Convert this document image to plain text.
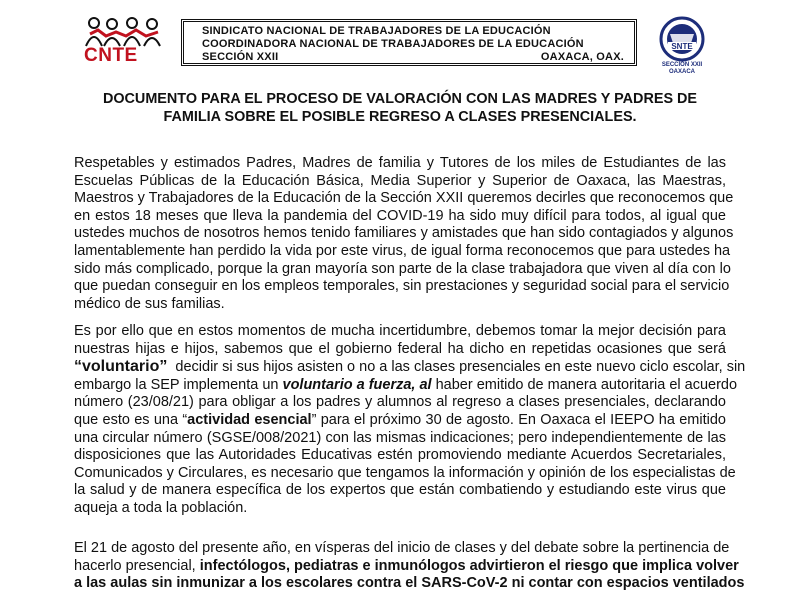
CNTE
SINDICATO NACIONAL DE TRABAJADORES DE LA EDUCACIÓN
COORDINADORA NACIONAL DE TRABAJADORES DE LA EDUCACIÓN
SECCIÓN XXII	OAXACA, OAX.
SNTE
SECCIÓN XXII
OAXACA
DOCUMENTO PARA EL PROCESO DE VALORACIÓN CON LAS MADRES Y PADRES DE
FAMILIA SOBRE EL POSIBLE REGRESO A CLASES PRESENCIALES.
Respetables y estimados Padres, Madres de familia y Tutores de los miles de Estudiantes de las
Escuelas Públicas de la Educación Básica, Media Superior y Superior de Oaxaca, las Maestras,
Maestros y Trabajadores de la Educación de la Sección XXII queremos decirles que reconocemos que
en estos 18 meses que lleva la pandemia del COVID-19 ha sido muy difícil para todos, al igual que
ustedes muchos de nosotros hemos tenido familiares y amistades que han sido contagiados y algunos
lamentablemente han perdido la vida por este virus, de igual forma reconocemos que para ustedes ha
sido más complicado, porque la gran mayoría son parte de la clase trabajadora que viven al día con lo
que puedan conseguir en los empleos temporales, sin prestaciones y seguridad social para el servicio
médico de sus familias.
Es por ello que en estos momentos de mucha incertidumbre, debemos tomar la mejor decisión para
nuestras hijas e hijos, sabemos que el gobierno federal ha dicho en repetidas ocasiones que será
“voluntario”  decidir si sus hijos asisten o no a las clases presenciales en este nuevo ciclo escolar, sin
embargo la SEP implementa un voluntario a fuerza, al haber emitido de manera autoritaria el acuerdo
número (23/08/21) para obligar a los padres y alumnos al regreso a clases presenciales, declarando
que esto es una “actividad esencial” para el próximo 30 de agosto. En Oaxaca el IEEPO ha emitido
una circular número (SGSE/008/2021) con las mismas indicaciones; pero independientemente de las
disposiciones que las Autoridades Educativas estén promoviendo mediante Acuerdos Secretariales,
Comunicados y Circulares, es necesario que tengamos la información y opinión de los especialistas de
la salud y de manera específica de los expertos que están combatiendo y estudiando este virus que
aqueja a toda la población.
El 21 de agosto del presente año, en vísperas del inicio de clases y del debate sobre la pertinencia de
hacerlo presencial, infectólogos, pediatras e inmunólogos advirtieron el riesgo que implica volver
a las aulas sin inmunizar a los escolares contra el SARS-CoV-2 ni contar con espacios ventilados
